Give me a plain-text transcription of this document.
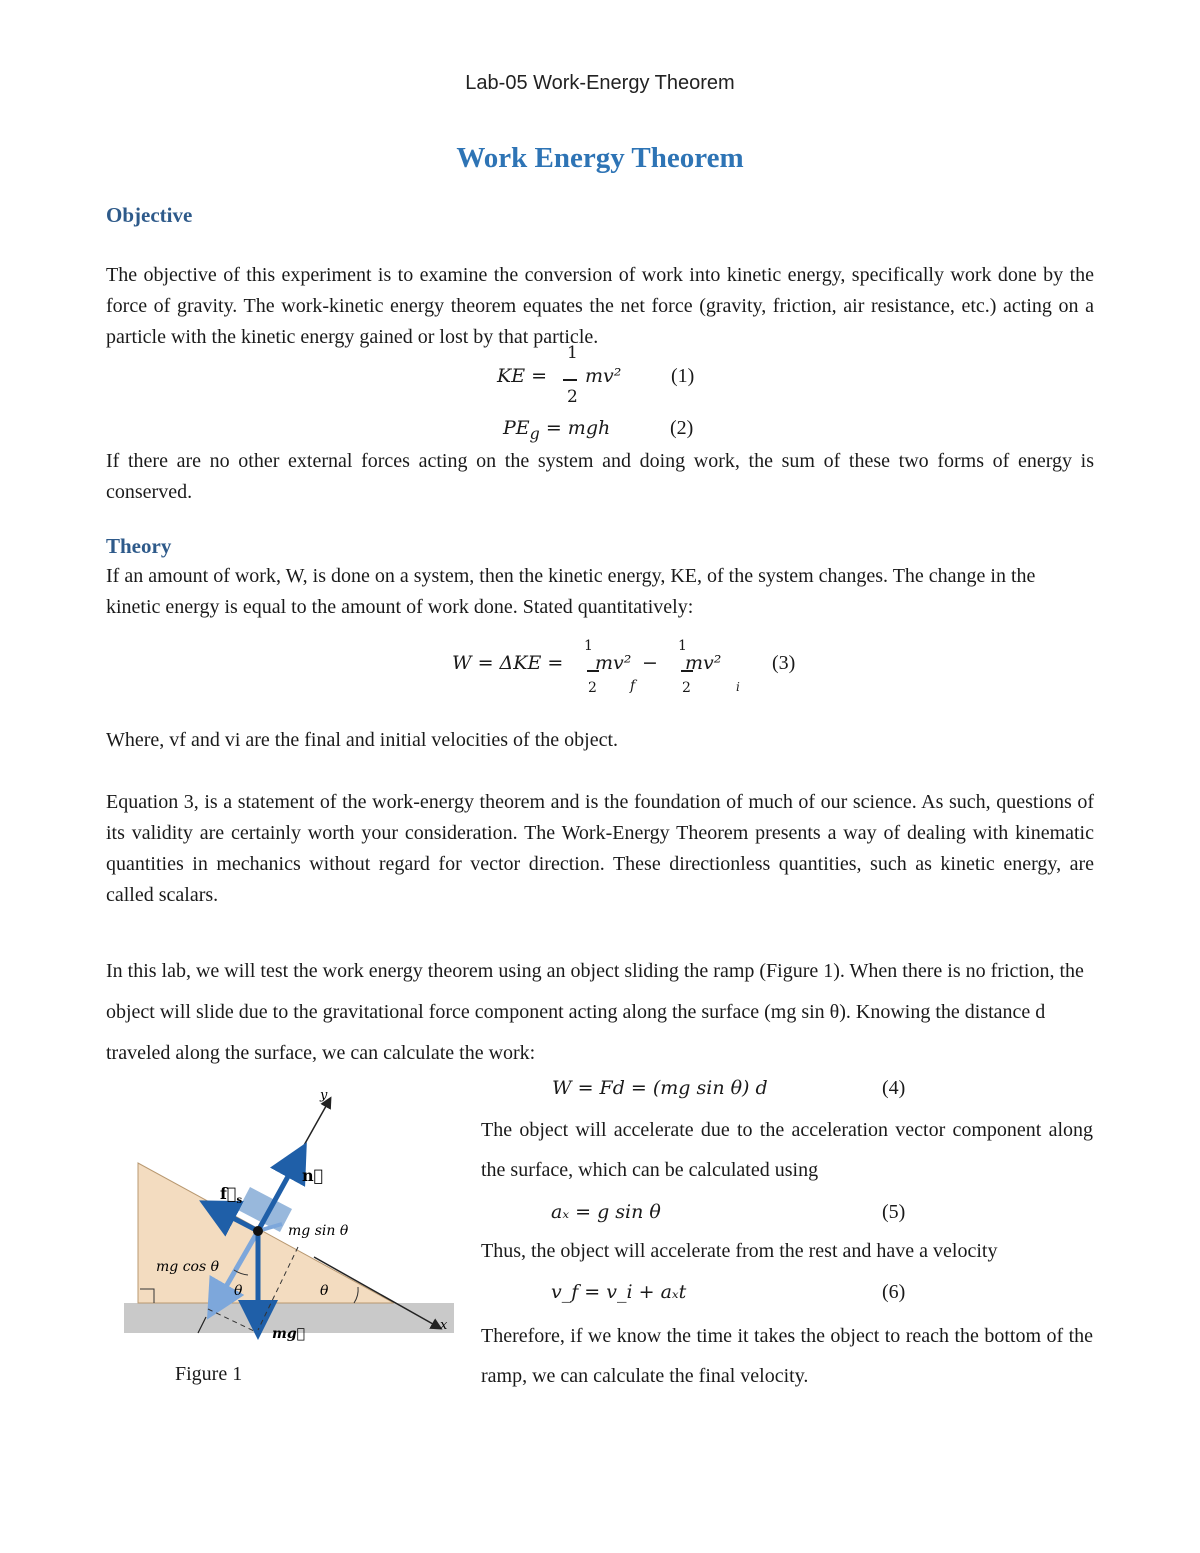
Lab-05 Work-Energy Theorem
Work Energy Theorem
Objective

The objective of this experiment is to examine the conversion of work into kinetic energy, specifically work done by the force of gravity. The work-kinetic energy theorem equates the net force (gravity, friction, air resistance, etc.) acting on a particle with the kinetic energy gained or lost by that particle.

KE =
1
2
mv² (1)
$PE_g$ = mgh	(2)

If there are no other external forces acting on the system and doing work, the sum of these two forms of energy is conserved.

Theory

If an amount of work, W, is done on a system, then the kinetic energy, KE, of the system changes. The change in the kinetic energy is equal to the amount of work done. Stated quantitatively:

W = ΔKE =
1
2
mv²
f
−
1
2
mv²
i
(3)

Where, vf and vi are the final and initial velocities of the object.

Equation 3, is a statement of the work-energy theorem and is the foundation of much of our science. As such, questions of its validity are certainly worth your consideration. The Work-Energy Theorem presents a way of dealing with kinematic quantities in mechanics without regard for vector direction. These directionless quantities, such as kinetic energy, are called scalars.

In this lab, we will test the work energy theorem using an object sliding the ramp (Figure 1). When there is no friction, the object will slide due to the gravitational force component acting along the surface (mg sin θ). Knowing the distance d traveled along the surface, we can calculate the work:

y
x
n⃗
$f⃗_s$
mg sin θ
mg cos θ
mg⃗
θ	θ
Figure 1
W = Fd = (mg sin θ) d	(4)

The object will accelerate due to the acceleration vector component along the surface, which can be calculated using

aₓ = g sin θ	(5)

Thus, the object will accelerate from the rest and have a velocity

v_f = v_i + aₓt	(6)

Therefore, if we know the time it takes the object to reach the bottom of the ramp, we can calculate the final velocity.
